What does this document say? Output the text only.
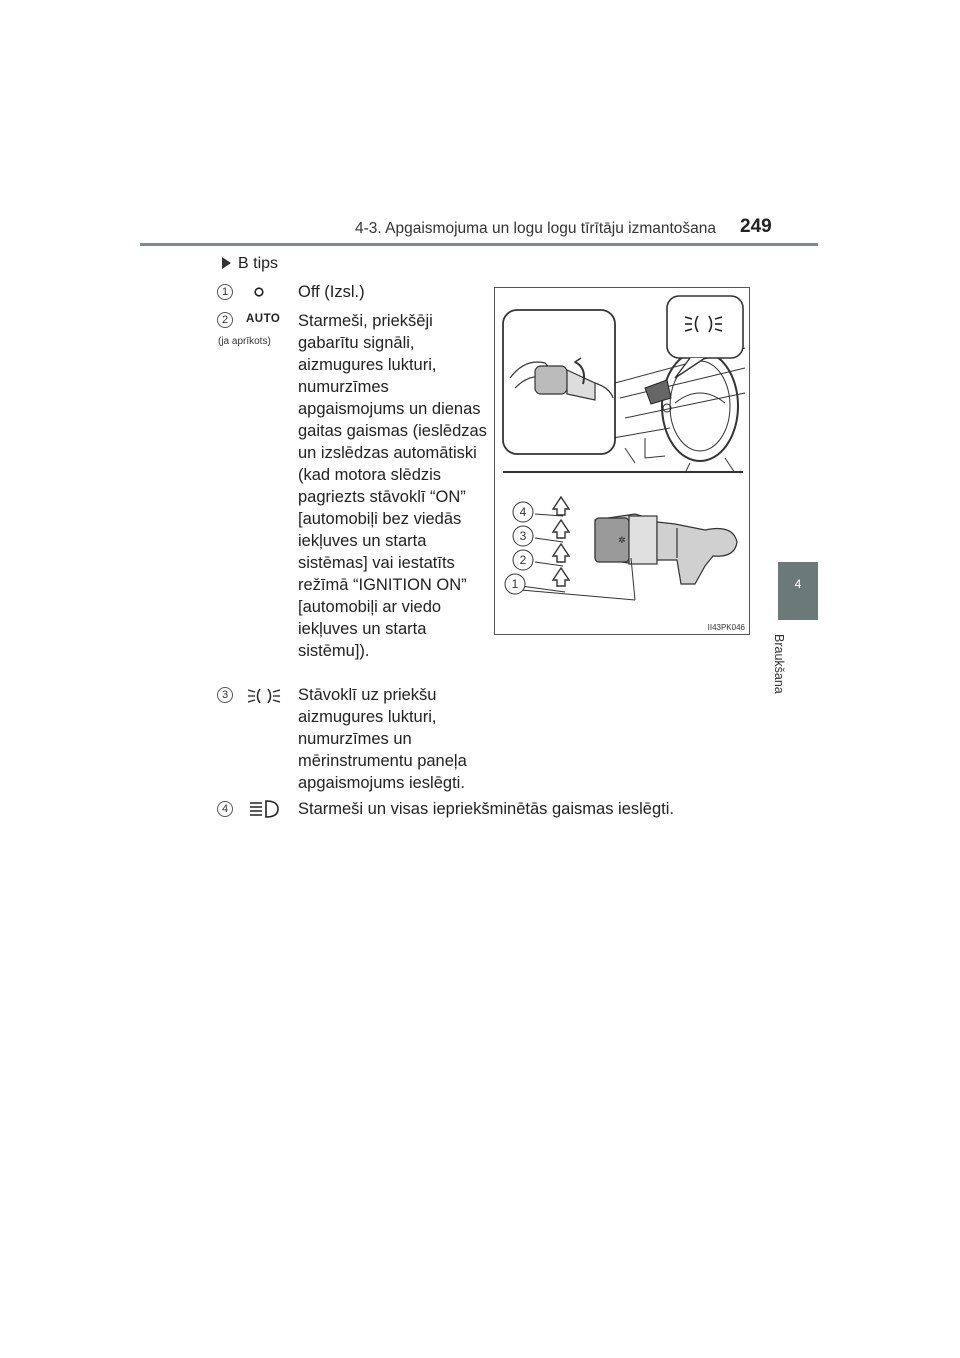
4-3. Apgaismojuma un logu logu tīrītāju izmantošana 249
4
Braukšana
B tips
1	Off (Izsl.)
2	AUTO
(ja aprīkots)
Starmeši, priekšēji gabarītu signāli, aizmugures lukturi, numurzīmes apgaismojums un dienas gaitas gaismas (ieslēdzas un izslēdzas automātiski (kad motora slēdzis pagriezts stāvoklī “ON” [automobiļi bez viedās iekļuves un starta sistēmas] vai iestatīts režīmā “IGNITION ON” [automobiļi ar viedo iekļuves un starta sistēmu]).
3	Stāvoklī uz priekšu aizmugures lukturi, numurzīmes un mērinstrumentu paneļa apgaismojums ieslēgti.
4	Starmeši un visas iepriekšminētās gaismas ieslēgti.
✲
4
3
2
1
II43PK046
